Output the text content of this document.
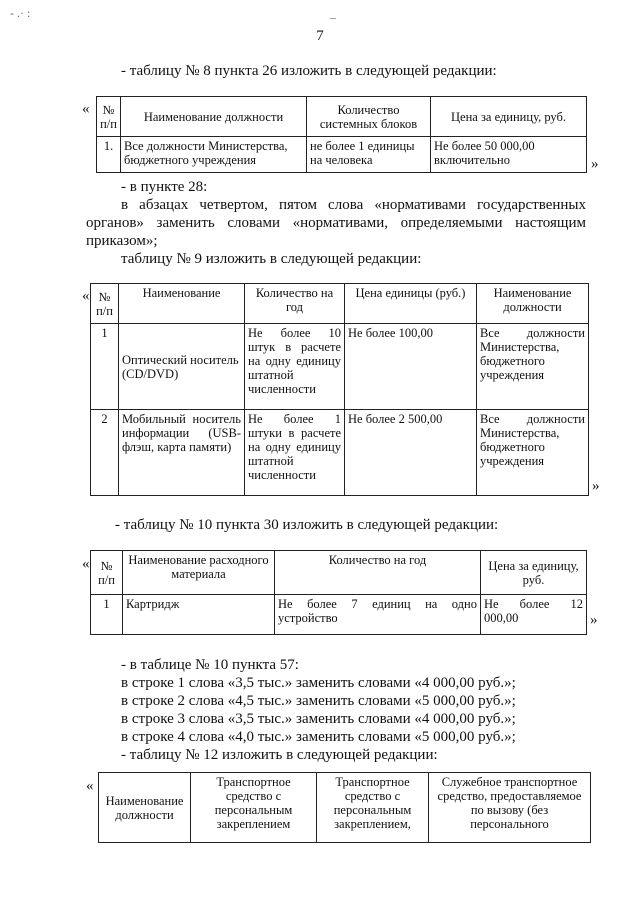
- .· :	–
7
- таблицу № 8 пункта 26 изложить в следующей редакции:
« № п/п	Наименование должности	Количество системных блоков	Цена за единицу, руб.
1.	Все должности Министерства, бюджетного учреждения	не более 1 единицы на человека	Не более 50 000,00 включительно	»
- в пункте 28:
в абзацах четвертом, пятом слова «нормативами государственных органов» заменить словами «нормативами, определяемыми настоящим приказом»;
таблицу № 9 изложить в следующей редакции:
« № п/п	Наименование	Количество на год	Цена единицы (руб.)	Наименование должности
1	Оптический носитель (CD/DVD)	Не более 10 штук в расчете на одну единицу штатной численности	Не более 100,00	Все должности Министерства, бюджетного учреждения
2	Мобильный носитель информации (USB-флэш, карта памяти)	Не более 1 штуки в расчете на одну единицу штатной численности	Не более 2 500,00	Все должности Министерства, бюджетного учреждения
»
- таблицу № 10 пункта 30 изложить в следующей редакции:
« № п/п	Наименование расходного материала	Количество на год	Цена за единицу, руб.
1	Картридж	Не более 7 единиц на одно устройство	Не более 12 000,00	»
- в таблице № 10 пункта 57:
в строке 1 слова «3,5 тыс.» заменить словами «4 000,00 руб.»;
в строке 2 слова «4,5 тыс.» заменить словами «5 000,00 руб.»;
в строке 3 слова «3,5 тыс.» заменить словами «4 000,00 руб.»;
в строке 4 слова «4,0 тыс.» заменить словами «5 000,00 руб.»;
- таблицу № 12 изложить в следующей редакции:
«
Наименование должности	Транспортное средство с персональным закреплением	Транспортное средство с персональным закреплением,	Служебное транспортное средство, предоставляемое по вызову (без персонального
